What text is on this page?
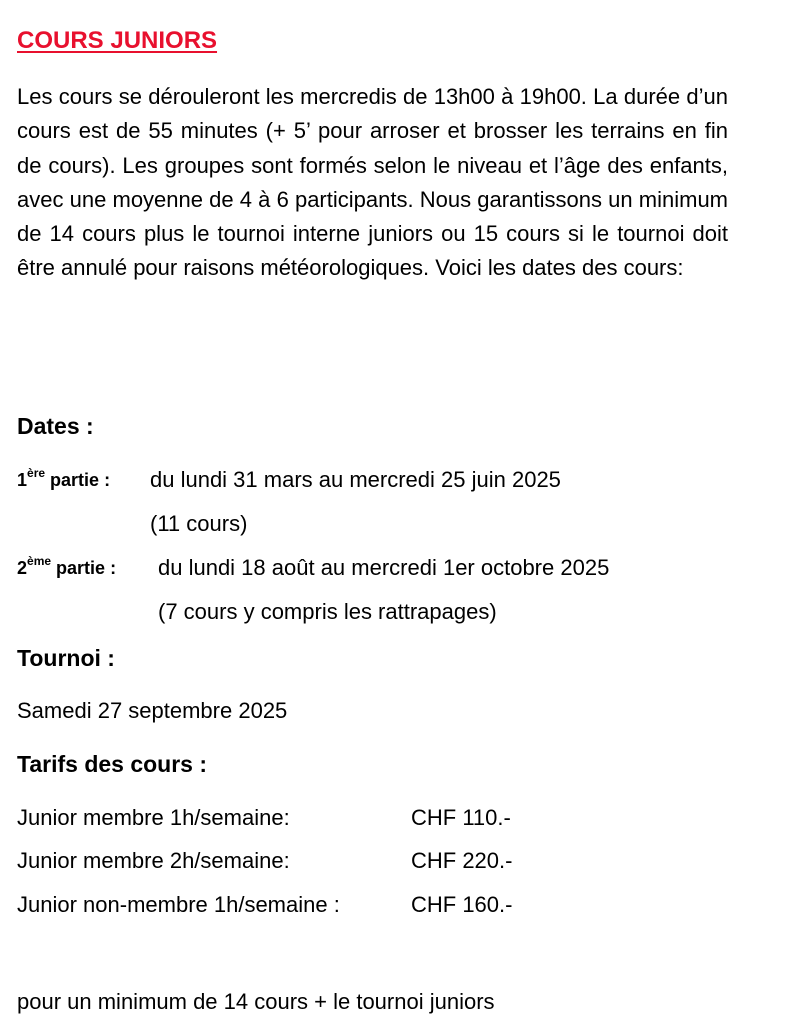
COURS JUNIORS

Les cours se dérouleront les mercredis de 13h00 à 19h00. La durée d’un cours est de 55 minutes (+ 5’ pour arroser et brosser les terrains en fin de cours). Les groupes sont formés selon le niveau et l’âge des enfants, avec une moyenne de 4 à 6 participants. Nous garantissons un minimum de 14 cours plus le tournoi interne juniors ou 15 cours si le tournoi doit être annulé pour raisons météorologiques. Voici les dates des cours:

Dates :
1ère partie : du lundi 31 mars au mercredi 25 juin 2025
(11 cours)
2ème partie : du lundi 18 août au mercredi 1er octobre 2025
(7 cours y compris les rattrapages)
Tournoi :
Samedi 27 septembre 2025
Tarifs des cours :
Junior membre 1h/semaine:	CHF 110.-
Junior membre 2h/semaine:	CHF 220.-
Junior non-membre 1h/semaine :	CHF 160.-
pour un minimum de 14 cours + le tournoi juniors
